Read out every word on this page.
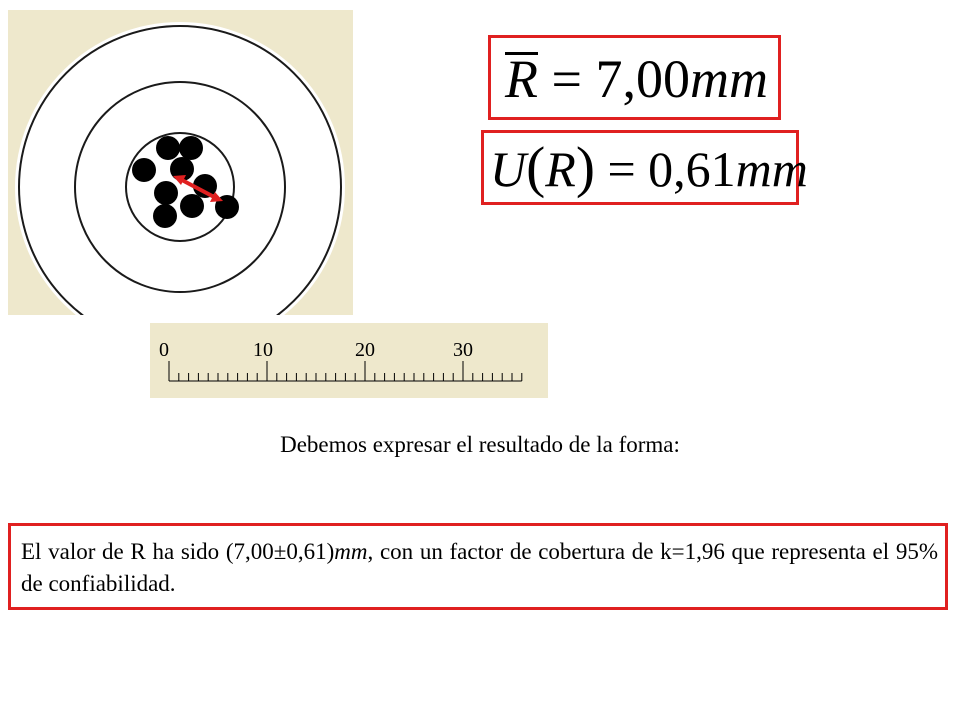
R = 7,00mm
U(R) = 0,61mm
0	10	20	30
Debemos expresar el resultado de la forma:
El valor de R ha sido (7,00±0,61)mm, con un factor de cobertura de k=1,96 que representa el 95% de confiabilidad.
